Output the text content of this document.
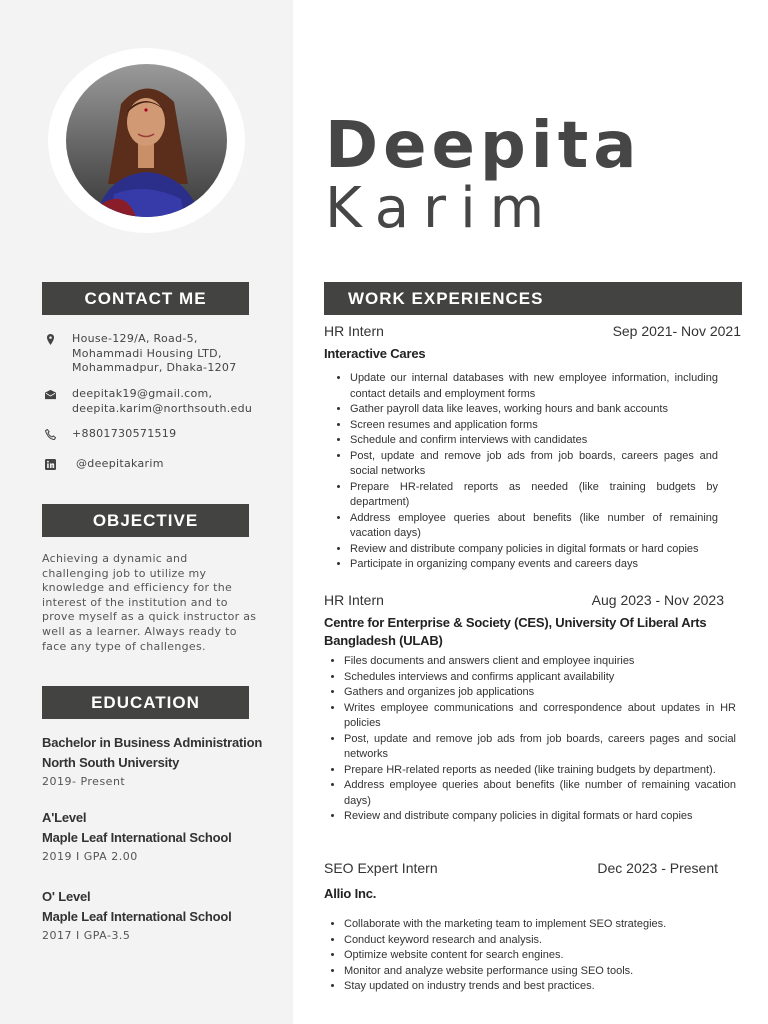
CONTACT ME
House-129/A, Road-5,
Mohammadi Housing LTD,
Mohammadpur, Dhaka-1207
deepitak19@gmail.com,
deepita.karim@northsouth.edu
+8801730571519
@deepitakarim
OBJECTIVE
Achieving a dynamic and challenging job to utilize my knowledge and efficiency for the interest of the institution and to prove myself as a quick instructor as well as a learner. Always ready to face any type of challenges.
EDUCATION
Bachelor in Business Administration
North South University
2019- Present
A'Level
Maple Leaf International School
2019 I GPA 2.00
O' Level
Maple Leaf International School
2017 I GPA-3.5
Deepita
Karim
WORK EXPERIENCES
HR Intern	Sep 2021- Nov 2021
Interactive Cares
• Update our internal databases with new employee information, including contact details and employment forms
• Gather payroll data like leaves, working hours and bank accounts
• Screen resumes and application forms
• Schedule and confirm interviews with candidates
• Post, update and remove job ads from job boards, careers pages and social networks
• Prepare HR-related reports as needed (like training budgets by department)
• Address employee queries about benefits (like number of remaining vacation days)
• Review and distribute company policies in digital formats or hard copies
• Participate in organizing company events and careers days
HR Intern	Aug 2023 - Nov 2023
Centre for Enterprise & Society (CES), University Of Liberal Arts Bangladesh (ULAB)
• Files documents and answers client and employee inquiries
• Schedules interviews and confirms applicant availability
• Gathers and organizes job applications
• Writes employee communications and correspondence about updates in HR policies
• Post, update and remove job ads from job boards, careers pages and social networks
• Prepare HR-related reports as needed (like training budgets by department).
• Address employee queries about benefits (like number of remaining vacation days)
• Review and distribute company policies in digital formats or hard copies
SEO Expert Intern	Dec 2023 - Present
Allio Inc.
• Collaborate with the marketing team to implement SEO strategies.
• Conduct keyword research and analysis.
• Optimize website content for search engines.
• Monitor and analyze website performance using SEO tools.
• Stay updated on industry trends and best practices.
